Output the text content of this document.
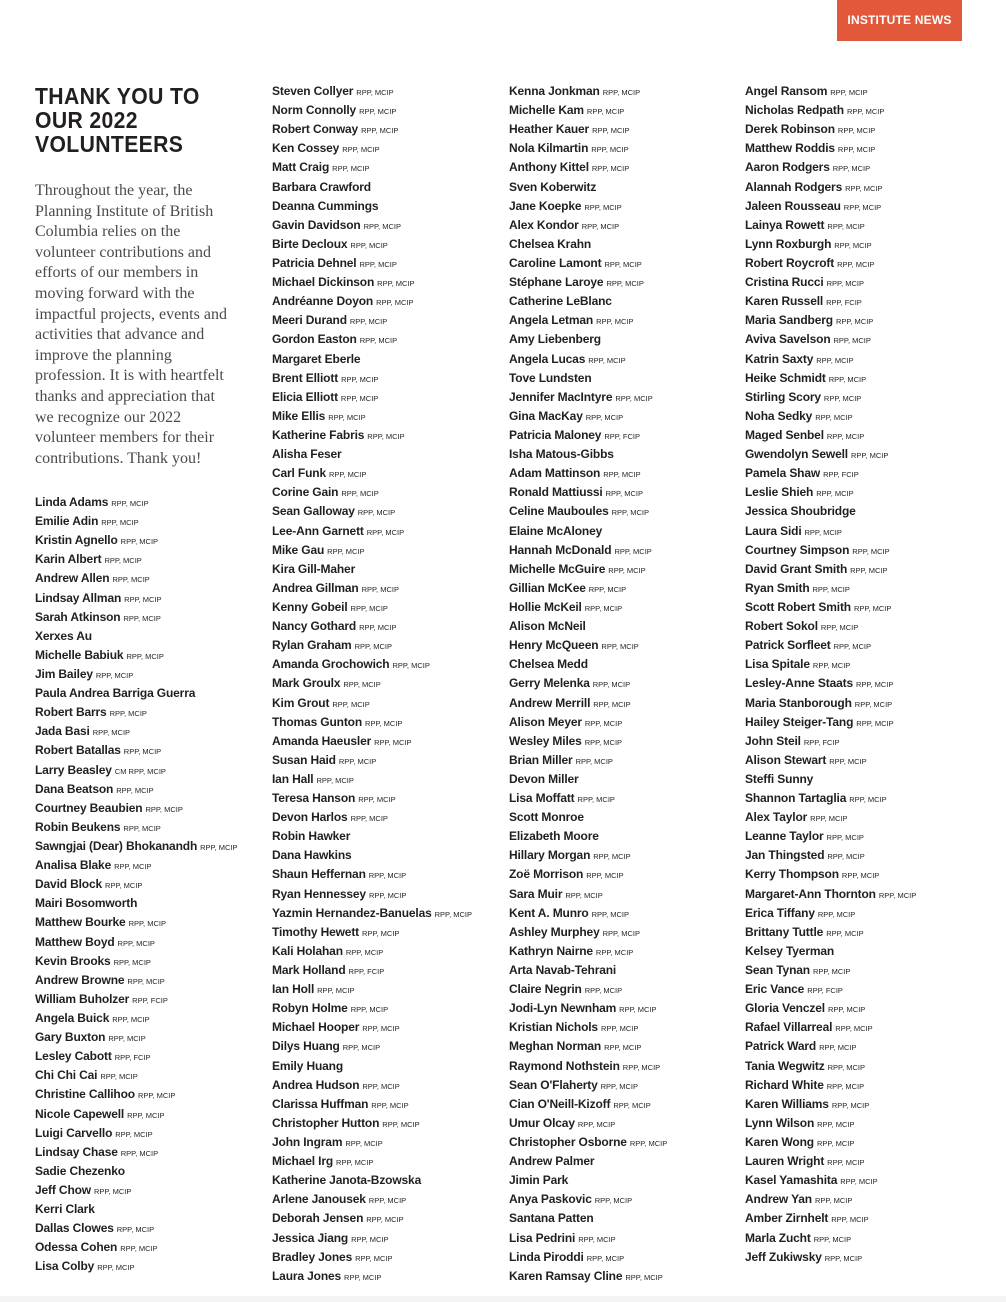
INSTITUTE NEWS
THANK YOU TO OUR 2022 VOLUNTEERS

Throughout the year, the Planning Institute of British Columbia relies on the volunteer contributions and efforts of our members in moving forward with the impactful projects, events and activities that advance and improve the planning profession. It is with heartfelt thanks and appreciation that we recognize our 2022 volunteer members for their contributions. Thank you!

Linda Adams RPP, MCIP
Emilie Adin RPP, MCIP
Kristin Agnello RPP, MCIP
Karin Albert RPP, MCIP
Andrew Allen RPP, MCIP
Lindsay Allman RPP, MCIP
Sarah Atkinson RPP, MCIP
Xerxes Au
Michelle Babiuk RPP, MCIP
Jim Bailey RPP, MCIP
Paula Andrea Barriga Guerra
Robert Barrs RPP, MCIP
Jada Basi RPP, MCIP
Robert Batallas RPP, MCIP
Larry Beasley CM RPP, MCIP
Dana Beatson RPP, MCIP
Courtney Beaubien RPP, MCIP
Robin Beukens RPP, MCIP
Sawngjai (Dear) Bhokanandh RPP, MCIP
Analisa Blake RPP, MCIP
David Block RPP, MCIP
Mairi Bosomworth
Matthew Bourke RPP, MCIP
Matthew Boyd RPP, MCIP
Kevin Brooks RPP, MCIP
Andrew Browne RPP, MCIP
William Buholzer RPP, FCIP
Angela Buick RPP, MCIP
Gary Buxton RPP, MCIP
Lesley Cabott RPP, FCIP
Chi Chi Cai RPP, MCIP
Christine Callihoo RPP, MCIP
Nicole Capewell RPP, MCIP
Luigi Carvello RPP, MCIP
Lindsay Chase RPP, MCIP
Sadie Chezenko
Jeff Chow RPP, MCIP
Kerri Clark
Dallas Clowes RPP, MCIP
Odessa Cohen RPP, MCIP
Lisa Colby RPP, MCIP
Steven Collyer RPP, MCIP
Norm Connolly RPP, MCIP
Robert Conway RPP, MCIP
Ken Cossey RPP, MCIP
Matt Craig RPP, MCIP
Barbara Crawford
Deanna Cummings
Gavin Davidson RPP, MCIP
Birte Decloux RPP, MCIP
Patricia Dehnel RPP, MCIP
Michael Dickinson RPP, MCIP
Andréanne Doyon RPP, MCIP
Meeri Durand RPP, MCIP
Gordon Easton RPP, MCIP
Margaret Eberle
Brent Elliott RPP, MCIP
Elicia Elliott RPP, MCIP
Mike Ellis RPP, MCIP
Katherine Fabris RPP, MCIP
Alisha Feser
Carl Funk RPP, MCIP
Corine Gain RPP, MCIP
Sean Galloway RPP, MCIP
Lee-Ann Garnett RPP, MCIP
Mike Gau RPP, MCIP
Kira Gill-Maher
Andrea Gillman RPP, MCIP
Kenny Gobeil RPP, MCIP
Nancy Gothard RPP, MCIP
Rylan Graham RPP, MCIP
Amanda Grochowich RPP, MCIP
Mark Groulx RPP, MCIP
Kim Grout RPP, MCIP
Thomas Gunton RPP, MCIP
Amanda Haeusler RPP, MCIP
Susan Haid RPP, MCIP
Ian Hall RPP, MCIP
Teresa Hanson RPP, MCIP
Devon Harlos RPP, MCIP
Robin Hawker
Dana Hawkins
Shaun Heffernan RPP, MCIP
Ryan Hennessey RPP, MCIP
Yazmin Hernandez-Banuelas RPP, MCIP
Timothy Hewett RPP, MCIP
Kali Holahan RPP, MCIP
Mark Holland RPP, FCIP
Ian Holl RPP, MCIP
Robyn Holme RPP, MCIP
Michael Hooper RPP, MCIP
Dilys Huang RPP, MCIP
Emily Huang
Andrea Hudson RPP, MCIP
Clarissa Huffman RPP, MCIP
Christopher Hutton RPP, MCIP
John Ingram RPP, MCIP
Michael Irg RPP, MCIP
Katherine Janota-Bzowska
Arlene Janousek RPP, MCIP
Deborah Jensen RPP, MCIP
Jessica Jiang RPP, MCIP
Bradley Jones RPP, MCIP
Laura Jones RPP, MCIP
Kenna Jonkman RPP, MCIP
Michelle Kam RPP, MCIP
Heather Kauer RPP, MCIP
Nola Kilmartin RPP, MCIP
Anthony Kittel RPP, MCIP
Sven Koberwitz
Jane Koepke RPP, MCIP
Alex Kondor RPP, MCIP
Chelsea Krahn
Caroline Lamont RPP, MCIP
Stéphane Laroye RPP, MCIP
Catherine LeBlanc
Angela Letman RPP, MCIP
Amy Liebenberg
Angela Lucas RPP, MCIP
Tove Lundsten
Jennifer MacIntyre RPP, MCIP
Gina MacKay RPP, MCIP
Patricia Maloney RPP, FCIP
Isha Matous-Gibbs
Adam Mattinson RPP, MCIP
Ronald Mattiussi RPP, MCIP
Celine Mauboules RPP, MCIP
Elaine McAloney
Hannah McDonald RPP, MCIP
Michelle McGuire RPP, MCIP
Gillian McKee RPP, MCIP
Hollie McKeil RPP, MCIP
Alison McNeil
Henry McQueen RPP, MCIP
Chelsea Medd
Gerry Melenka RPP, MCIP
Andrew Merrill RPP, MCIP
Alison Meyer RPP, MCIP
Wesley Miles RPP, MCIP
Brian Miller RPP, MCIP
Devon Miller
Lisa Moffatt RPP, MCIP
Scott Monroe
Elizabeth Moore
Hillary Morgan RPP, MCIP
Zoë Morrison RPP, MCIP
Sara Muir RPP, MCIP
Kent A. Munro RPP, MCIP
Ashley Murphey RPP, MCIP
Kathryn Nairne RPP, MCIP
Arta Navab-Tehrani
Claire Negrin RPP, MCIP
Jodi-Lyn Newnham RPP, MCIP
Kristian Nichols RPP, MCIP
Meghan Norman RPP, MCIP
Raymond Nothstein RPP, MCIP
Sean O'Flaherty RPP, MCIP
Cian O'Neill-Kizoff RPP, MCIP
Umur Olcay RPP, MCIP
Christopher Osborne RPP, MCIP
Andrew Palmer
Jimin Park
Anya Paskovic RPP, MCIP
Santana Patten
Lisa Pedrini RPP, MCIP
Linda Piroddi RPP, MCIP
Karen Ramsay Cline RPP, MCIP
Angel Ransom RPP, MCIP
Nicholas Redpath RPP, MCIP
Derek Robinson RPP, MCIP
Matthew Roddis RPP, MCIP
Aaron Rodgers RPP, MCIP
Alannah Rodgers RPP, MCIP
Jaleen Rousseau RPP, MCIP
Lainya Rowett RPP, MCIP
Lynn Roxburgh RPP, MCIP
Robert Roycroft RPP, MCIP
Cristina Rucci RPP, MCIP
Karen Russell RPP, FCIP
Maria Sandberg RPP, MCIP
Aviva Savelson RPP, MCIP
Katrin Saxty RPP, MCIP
Heike Schmidt RPP, MCIP
Stirling Scory RPP, MCIP
Noha Sedky RPP, MCIP
Maged Senbel RPP, MCIP
Gwendolyn Sewell RPP, MCIP
Pamela Shaw RPP, FCIP
Leslie Shieh RPP, MCIP
Jessica Shoubridge
Laura Sidi RPP, MCIP
Courtney Simpson RPP, MCIP
David Grant Smith RPP, MCIP
Ryan Smith RPP, MCIP
Scott Robert Smith RPP, MCIP
Robert Sokol RPP, MCIP
Patrick Sorfleet RPP, MCIP
Lisa Spitale RPP, MCIP
Lesley-Anne Staats RPP, MCIP
Maria Stanborough RPP, MCIP
Hailey Steiger-Tang RPP, MCIP
John Steil RPP, FCIP
Alison Stewart RPP, MCIP
Steffi Sunny
Shannon Tartaglia RPP, MCIP
Alex Taylor RPP, MCIP
Leanne Taylor RPP, MCIP
Jan Thingsted RPP, MCIP
Kerry Thompson RPP, MCIP
Margaret-Ann Thornton RPP, MCIP
Erica Tiffany RPP, MCIP
Brittany Tuttle RPP, MCIP
Kelsey Tyerman
Sean Tynan RPP, MCIP
Eric Vance RPP, FCIP
Gloria Venczel RPP, MCIP
Rafael Villarreal RPP, MCIP
Patrick Ward RPP, MCIP
Tania Wegwitz RPP, MCIP
Richard White RPP, MCIP
Karen Williams RPP, MCIP
Lynn Wilson RPP, MCIP
Karen Wong RPP, MCIP
Lauren Wright RPP, MCIP
Kasel Yamashita RPP, MCIP
Andrew Yan RPP, MCIP
Amber Zirnhelt RPP, MCIP
Marla Zucht RPP, MCIP
Jeff Zukiwsky RPP, MCIP
